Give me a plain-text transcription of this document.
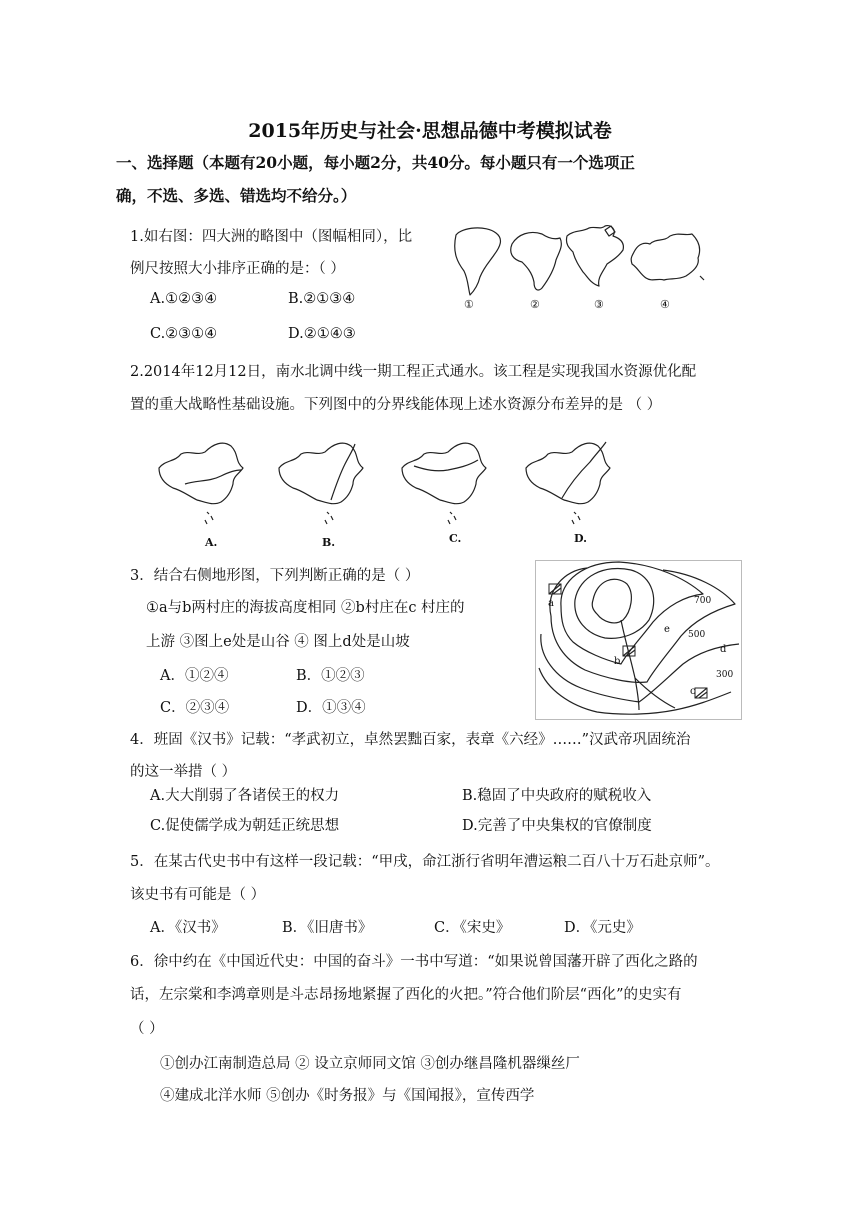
2015年历史与社会·思想品德中考模拟试卷
一、选择题（本题有20小题，每小题2分，共40分。每小题只有一个选项正
确，不选、多选、错选均不给分。）
1.如右图：四大洲的略图中（图幅相同），比
例尺按照大小排序正确的是：（ ）
A.①②③④	B.②①③④
C.②③①④	D.②①④③
①	②	③	④
2.2014年12月12日，南水北调中线一期工程正式通水。该工程是实现我国水资源优化配
置的重大战略性基础设施。下列图中的分界线能体现上述水资源分布差异的是 （ ）
A.	B.	C.	D.
3．结合右侧地形图，下列判断正确的是（ ）
①a与b两村庄的海拔高度相同 ②b村庄在c 村庄的
上游 ③图上e处是山谷 ④ 图上d处是山坡
A．①②④	B．①②③
C．②③④	D．①③④
a
b
c
d
e
700
500
300
4．班固《汉书》记载：“孝武初立，卓然罢黜百家，表章《六经》……”汉武帝巩固统治
的这一举措（ ）
A.大大削弱了各诸侯王的权力	B.稳固了中央政府的赋税收入
C.促使儒学成为朝廷正统思想	D.完善了中央集权的官僚制度
5．在某古代史书中有这样一段记载：“甲戌，命江浙行省明年漕运粮二百八十万石赴京师”。
该史书有可能是（ ）
A．《汉书》	B．《旧唐书》	C．《宋史》	D．《元史》
6．徐中约在《中国近代史：中国的奋斗》一书中写道：“如果说曾国藩开辟了西化之路的
话，左宗棠和李鸿章则是斗志昂扬地紧握了西化的火把。”符合他们阶层“西化”的史实有
（ ）
①创办江南制造总局 ② 设立京师同文馆 ③创办继昌隆机器缫丝厂
④建成北洋水师 ⑤创办《时务报》与《国闻报》，宣传西学
